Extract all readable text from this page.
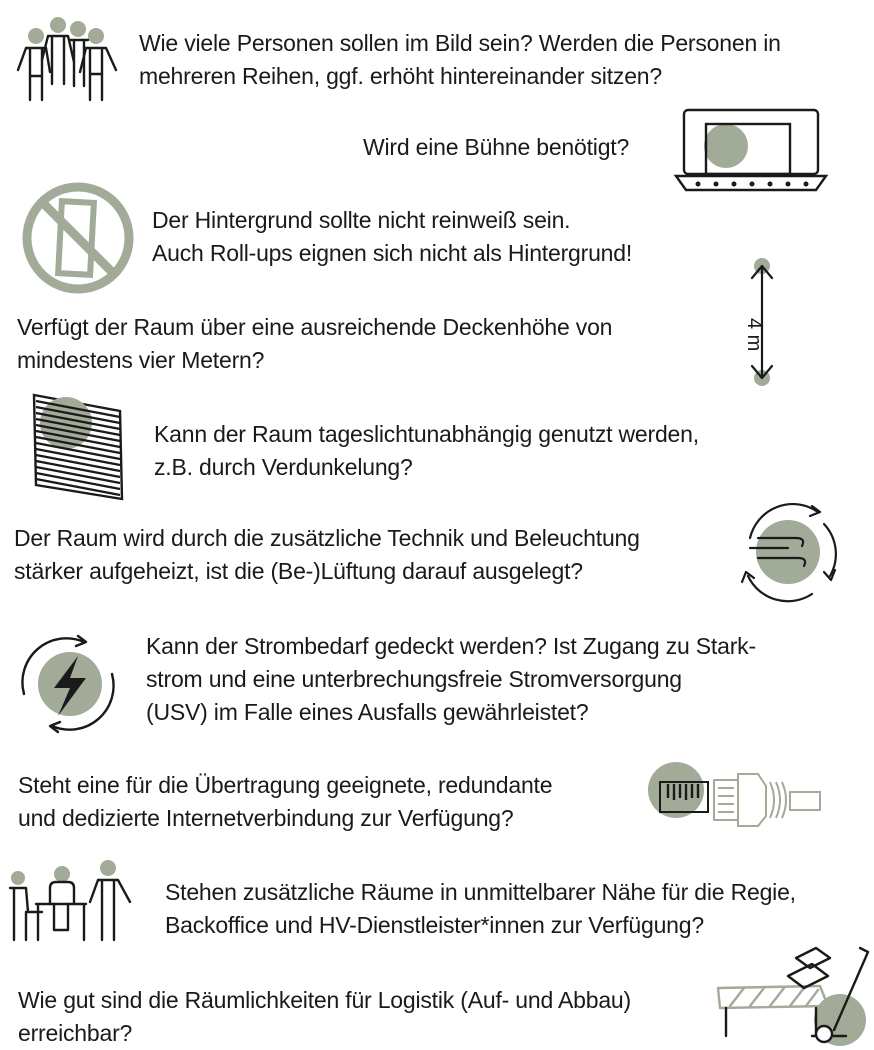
Wie viele Personen sollen im Bild sein? Werden die Personen in
mehreren Reihen, ggf. erhöht hintereinander sitzen?
Wird eine Bühne benötigt?
Der Hintergrund sollte nicht reinweiß sein.
Auch Roll-ups eignen sich nicht als Hintergrund!
Verfügt der Raum über eine ausreichende Deckenhöhe von
mindestens vier Metern?
4 m
Kann der Raum tageslichtunabhängig genutzt werden,
z.B. durch Verdunkelung?
Der Raum wird durch die zusätzliche Technik und Beleuchtung
stärker aufgeheizt, ist die (Be-)Lüftung darauf ausgelegt?
Kann der Strombedarf gedeckt werden? Ist Zugang zu Stark-
strom und eine unterbrechungsfreie Stromversorgung
(USV) im Falle eines Ausfalls gewährleistet?
Steht eine für die Übertragung geeignete, redundante
und dedizierte Internetverbindung zur Verfügung?
Stehen zusätzliche Räume in unmittelbarer Nähe für die Regie,
Backoffice und HV-Dienstleister*innen zur Verfügung?
Wie gut sind die Räumlichkeiten für Logistik (Auf- und Abbau)
erreichbar?
